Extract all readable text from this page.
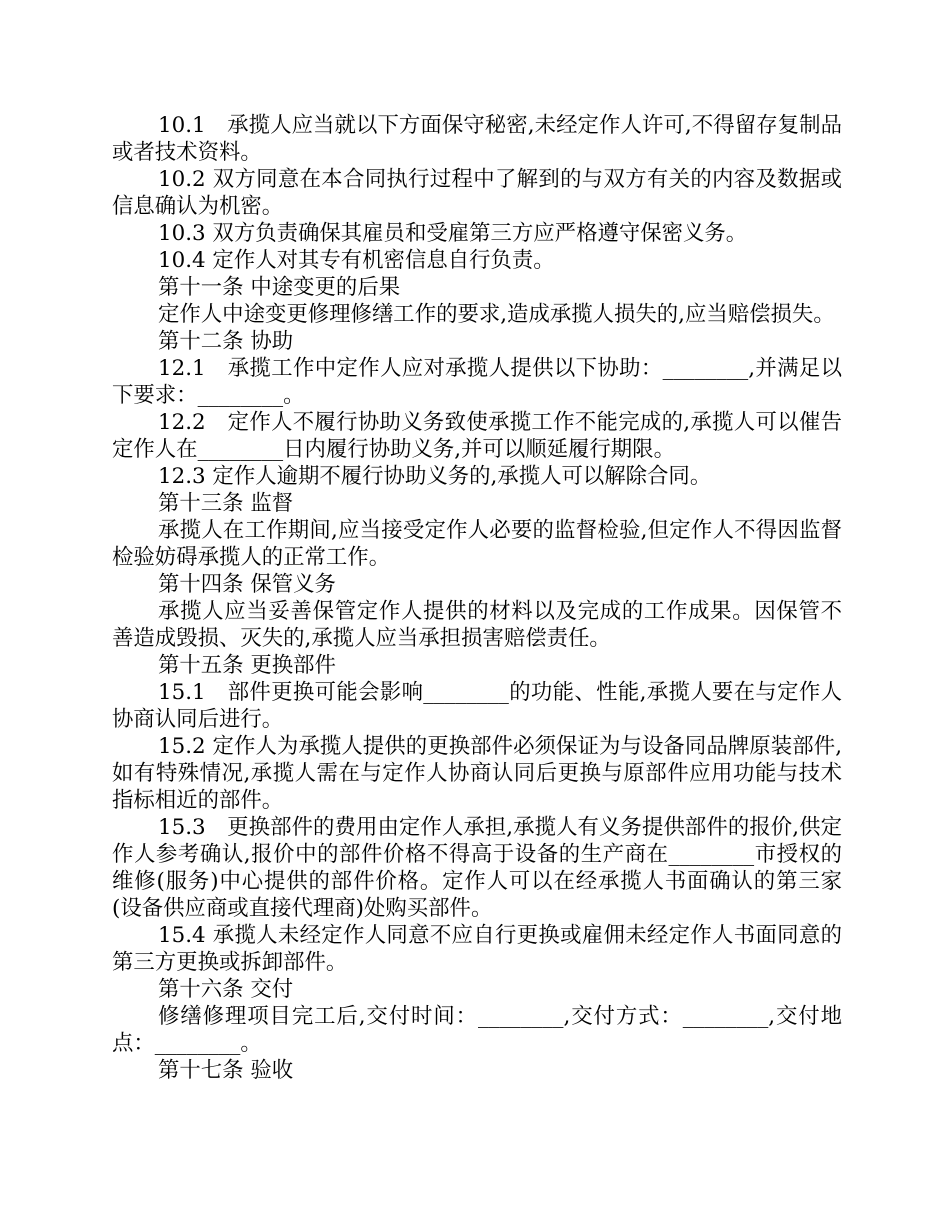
10.1　承揽人应当就以下方面保守秘密,未经定作人许可,不得留存复制品或者技术资料。

10.2 双方同意在本合同执行过程中了解到的与双方有关的内容及数据或信息确认为机密。

10.3 双方负责确保其雇员和受雇第三方应严格遵守保密义务。

10.4 定作人对其专有机密信息自行负责。

第十一条 中途变更的后果

定作人中途变更修理修缮工作的要求,造成承揽人损失的,应当赔偿损失。

第十二条 协助

12.1　承揽工作中定作人应对承揽人提供以下协助：________,并满足以下要求：________。

12.2　定作人不履行协助义务致使承揽工作不能完成的,承揽人可以催告定作人在________日内履行协助义务,并可以顺延履行期限。

12.3 定作人逾期不履行协助义务的,承揽人可以解除合同。

第十三条 监督

承揽人在工作期间,应当接受定作人必要的监督检验,但定作人不得因监督检验妨碍承揽人的正常工作。

第十四条 保管义务

承揽人应当妥善保管定作人提供的材料以及完成的工作成果。因保管不善造成毁损、灭失的,承揽人应当承担损害赔偿责任。

第十五条 更换部件

15.1　部件更换可能会影响________的功能、性能,承揽人要在与定作人协商认同后进行。

15.2 定作人为承揽人提供的更换部件必须保证为与设备同品牌原装部件,如有特殊情况,承揽人需在与定作人协商认同后更换与原部件应用功能与技术指标相近的部件。

15.3　更换部件的费用由定作人承担,承揽人有义务提供部件的报价,供定作人参考确认,报价中的部件价格不得高于设备的生产商在________市授权的维修(服务)中心提供的部件价格。定作人可以在经承揽人书面确认的第三家(设备供应商或直接代理商)处购买部件。

15.4 承揽人未经定作人同意不应自行更换或雇佣未经定作人书面同意的第三方更换或拆卸部件。

第十六条 交付

修缮修理项目完工后,交付时间：________,交付方式：________,交付地点：________。

第十七条 验收
